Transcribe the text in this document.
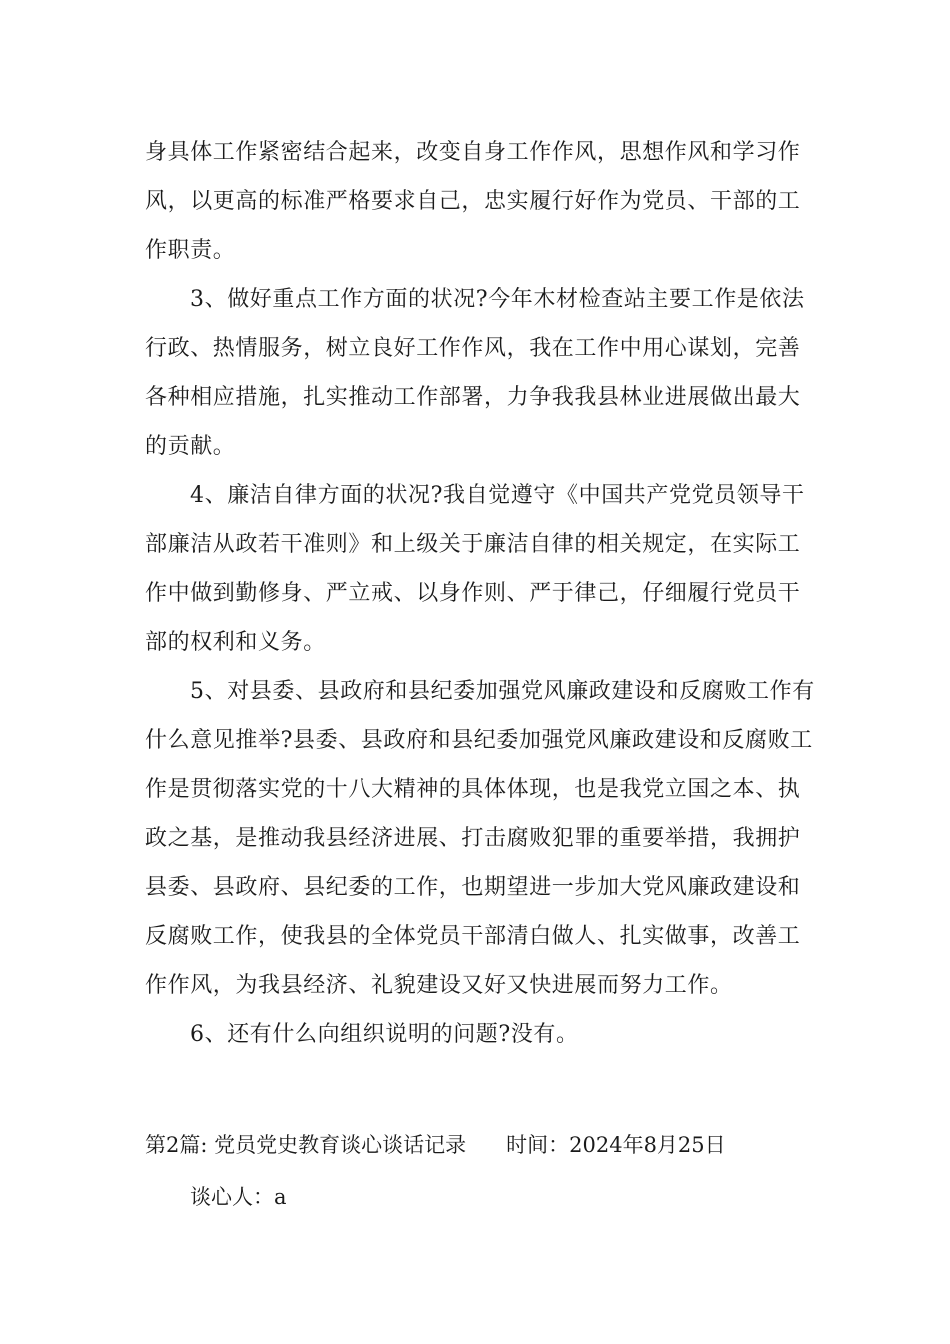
身具体工作紧密结合起来，改变自身工作作风，思想作风和学习作
风，以更高的标准严格要求自己，忠实履行好作为党员、干部的工
作职责。
3、做好重点工作方面的状况?今年木材检查站主要工作是依法
行政、热情服务，树立良好工作作风，我在工作中用心谋划，完善
各种相应措施，扎实推动工作部署，力争我我县林业进展做出最大
的贡献。
4、廉洁自律方面的状况?我自觉遵守《中国共产党党员领导干
部廉洁从政若干准则》和上级关于廉洁自律的相关规定，在实际工
作中做到勤修身、严立戒、以身作则、严于律己，仔细履行党员干
部的权利和义务。
5、对县委、县政府和县纪委加强党风廉政建设和反腐败工作有
什么意见推举?县委、县政府和县纪委加强党风廉政建设和反腐败工
作是贯彻落实党的十八大精神的具体体现，也是我党立国之本、执
政之基，是推动我县经济进展、打击腐败犯罪的重要举措，我拥护
县委、县政府、县纪委的工作，也期望进一步加大党风廉政建设和
反腐败工作，使我县的全体党员干部清白做人、扎实做事，改善工
作作风，为我县经济、礼貌建设又好又快进展而努力工作。
6、还有什么向组织说明的问题?没有。
第2篇: 党员党史教育谈心谈话记录 时间：2024年8月25日
谈心人：a
